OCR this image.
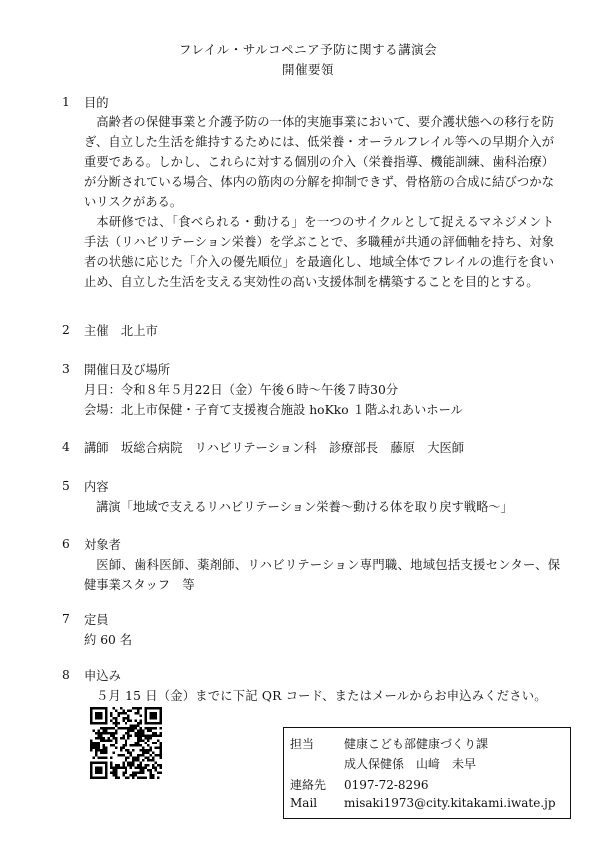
フレイル・サルコペニア予防に関する講演会
開催要領
1 目的

高齢者の保健事業と介護予防の一体的実施事業において、要介護状態への移行を防ぎ、自立した生活を維持するためには、低栄養・オーラルフレイル等への早期介入が重要である。しかし、これらに対する個別の介入（栄養指導、機能訓練、歯科治療）が分断されている場合、体内の筋肉の分解を抑制できず、骨格筋の合成に結びつかないリスクがある。

本研修では、「食べられる・動ける」を一つのサイクルとして捉えるマネジメント手法（リハビリテーション栄養）を学ぶことで、多職種が共通の評価軸を持ち、対象者の状態に応じた「介入の優先順位」を最適化し、地域全体でフレイルの進行を食い止め、自立した生活を支える実効性の高い支援体制を構築することを目的とする。

2 主催　北上市
3 開催日及び場所
月日：令和８年５月22日（金）午後６時～午後７時30分
会場：北上市保健・子育て支援複合施設 hoKko １階ふれあいホール
4 講師　坂総合病院　リハビリテーション科　診療部長　藤原　大医師
5 内容
講演「地域で支えるリハビリテーション栄養～動ける体を取り戻す戦略～」
6 対象者

医師、歯科医師、薬剤師、リハビリテーション専門職、地域包括支援センター、保健事業スタッフ　等

7 定員
約 60 名
8 申込み
５月 15 日（金）までに下記 QR コード、またはメールからお申込みください。
担当 健康こども部健康づくり課
成人保健係　山﨑　未早
連絡先 0197-72-8296
Mail misaki1973@city.kitakami.iwate.jp
